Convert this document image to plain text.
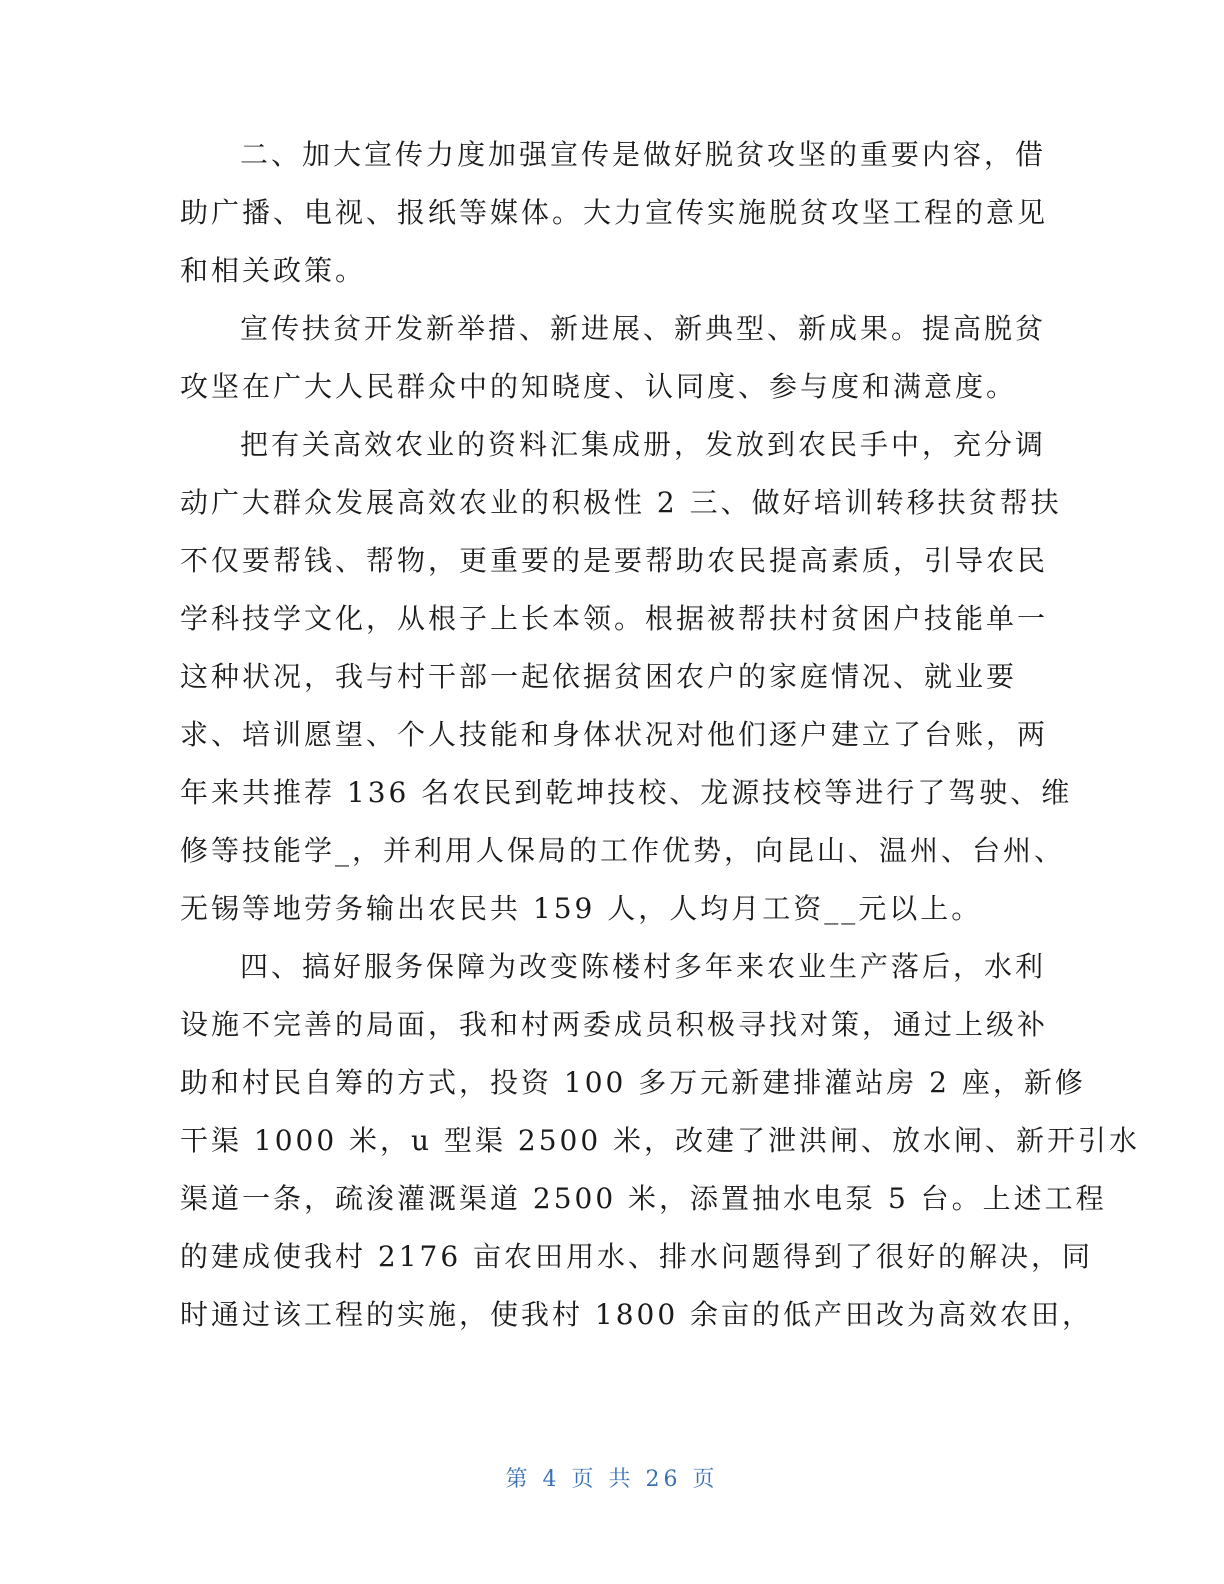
二、加大宣传力度加强宣传是做好脱贫攻坚的重要内容，借
助广播、电视、报纸等媒体。大力宣传实施脱贫攻坚工程的意见
和相关政策。
宣传扶贫开发新举措、新进展、新典型、新成果。提高脱贫
攻坚在广大人民群众中的知晓度、认同度、参与度和满意度。
把有关高效农业的资料汇集成册，发放到农民手中，充分调
动广大群众发展高效农业的积极性 2 三、做好培训转移扶贫帮扶
不仅要帮钱、帮物，更重要的是要帮助农民提高素质，引导农民
学科技学文化，从根子上长本领。根据被帮扶村贫困户技能单一
这种状况，我与村干部一起依据贫困农户的家庭情况、就业要
求、培训愿望、个人技能和身体状况对他们逐户建立了台账，两
年来共推荐 136 名农民到乾坤技校、龙源技校等进行了驾驶、维
修等技能学_，并利用人保局的工作优势，向昆山、温州、台州、
无锡等地劳务输出农民共 159 人，人均月工资__元以上。
四、搞好服务保障为改变陈楼村多年来农业生产落后，水利
设施不完善的局面，我和村两委成员积极寻找对策，通过上级补
助和村民自筹的方式，投资 100 多万元新建排灌站房 2 座，新修
干渠 1000 米，u 型渠 2500 米，改建了泄洪闸、放水闸、新开引水
渠道一条，疏浚灌溉渠道 2500 米，添置抽水电泵 5 台。上述工程
的建成使我村 2176 亩农田用水、排水问题得到了很好的解决，同
时通过该工程的实施，使我村 1800 余亩的低产田改为高效农田，
第 4 页 共 26 页
